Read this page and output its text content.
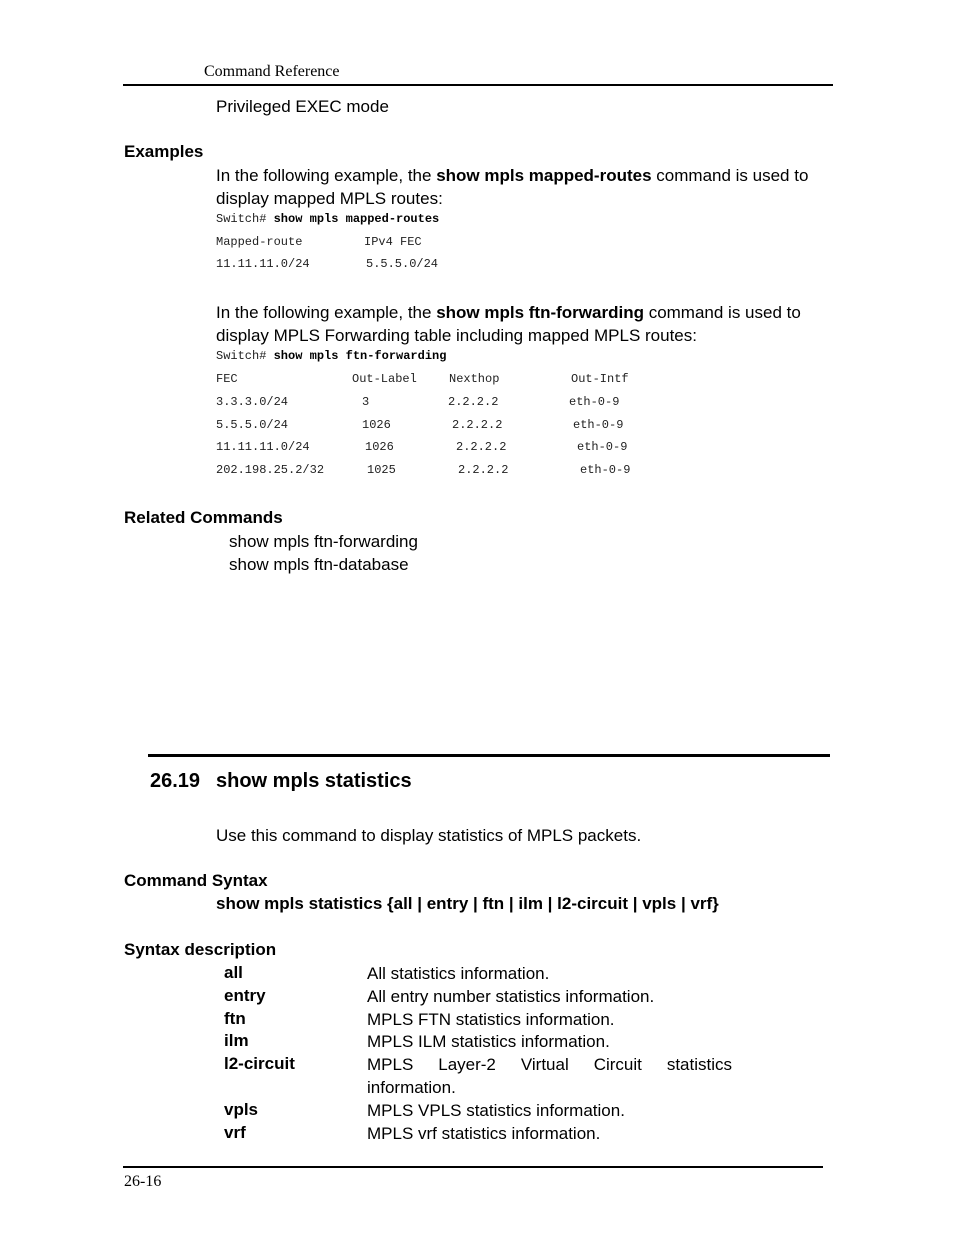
Command Reference
Privileged EXEC mode
Examples
In the following example, the show mpls mapped-routes command is used to display mapped MPLS routes:
Switch# show mpls mapped-routes
Mapped-route	IPv4 FEC
11.11.11.0/24	5.5.5.0/24
In the following example, the show mpls ftn-forwarding command is used to display MPLS Forwarding table including mapped MPLS routes:
Switch# show mpls ftn-forwarding
FEC	Out-Label	Nexthop	Out-Intf
3.3.3.0/24	3	2.2.2.2	eth-0-9
5.5.5.0/24	1026	2.2.2.2	eth-0-9
11.11.11.0/24	1026	2.2.2.2	eth-0-9
202.198.25.2/32	1025	2.2.2.2	eth-0-9
Related Commands
show mpls ftn-forwarding
show mpls ftn-database
26.19 show mpls statistics
Use this command to display statistics of MPLS packets.
Command Syntax
show mpls statistics {all | entry | ftn | ilm | l2-circuit | vpls | vrf}
Syntax description
all	All statistics information.
entry	All entry number statistics information.
ftn	MPLS FTN statistics information.
ilm	MPLS ILM statistics information.
l2-circuit	MPLS Layer-2 Virtual Circuit statistics
information.
vpls	MPLS VPLS statistics information.
vrf	MPLS vrf statistics information.
26-16
